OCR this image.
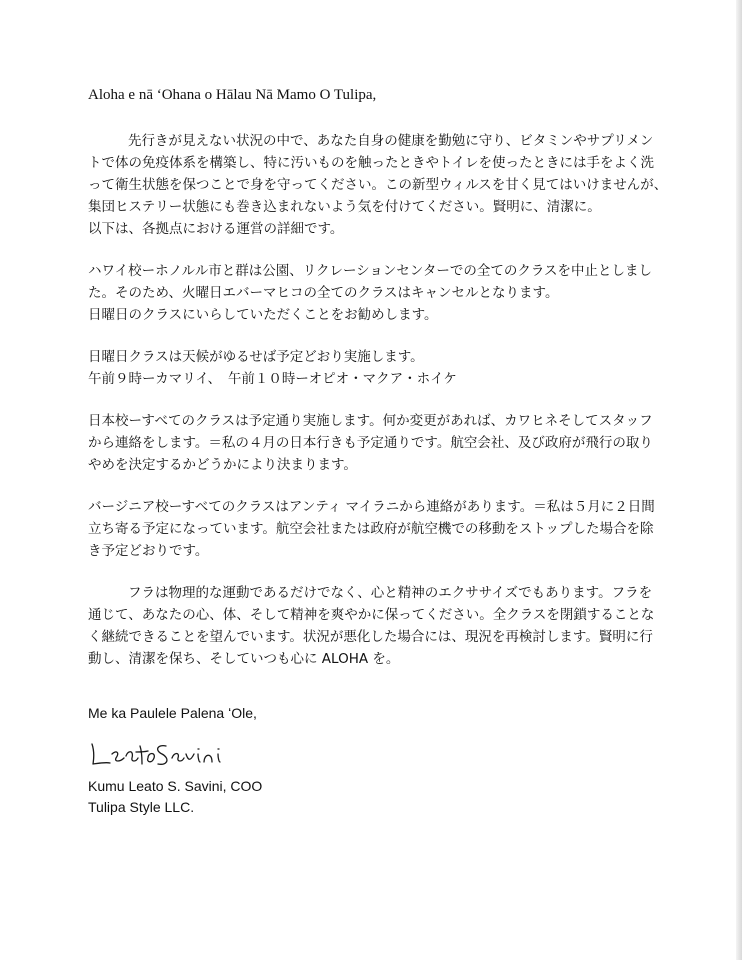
Aloha e nā ʻOhana o Hālau Nā Mamo O Tulipa,
先行きが見えない状況の中で、あなた自身の健康を勤勉に守り、ビタミンやサプリメン
トで体の免疫体系を構築し、特に汚いものを触ったときやトイレを使ったときには手をよく洗
って衛生状態を保つことで身を守ってください。この新型ウィルスを甘く見てはいけませんが、
集団ヒステリー状態にも巻き込まれないよう気を付けてください。賢明に、清潔に。
以下は、各拠点における運営の詳細です。
ハワイ校ーホノルル市と群は公園、リクレーションセンターでの全てのクラスを中止としまし
た。そのため、火曜日エバーマヒコの全てのクラスはキャンセルとなります。
日曜日のクラスにいらしていただくことをお勧めします。
日曜日クラスは天候がゆるせば予定どおり実施します。
午前９時ーカマリイ、　午前１０時ーオピオ・マクア・ホイケ
日本校ーすべてのクラスは予定通り実施します。何か変更があれば、カワヒネそしてスタッフ
から連絡をします。＝私の４月の日本行きも予定通りです。航空会社、及び政府が飛行の取り
やめを決定するかどうかにより決まります。
バージニア校ーすべてのクラスはアンティ マイラニから連絡があります。＝私は５月に２日間
立ち寄る予定になっています。航空会社または政府が航空機での移動をストップした場合を除
き予定どおりです。
フラは物理的な運動であるだけでなく、心と精神のエクササイズでもあります。フラを
通じて、あなたの心、体、そして精神を爽やかに保ってください。全クラスを閉鎖することな
く継続できることを望んでいます。状況が悪化した場合には、現況を再検討します。賢明に行
動し、清潔を保ち、そしていつも心に ALOHA を。
Me ka Paulele Palena ʻOle,
Kumu Leato S. Savini, COO
Tulipa Style LLC.
